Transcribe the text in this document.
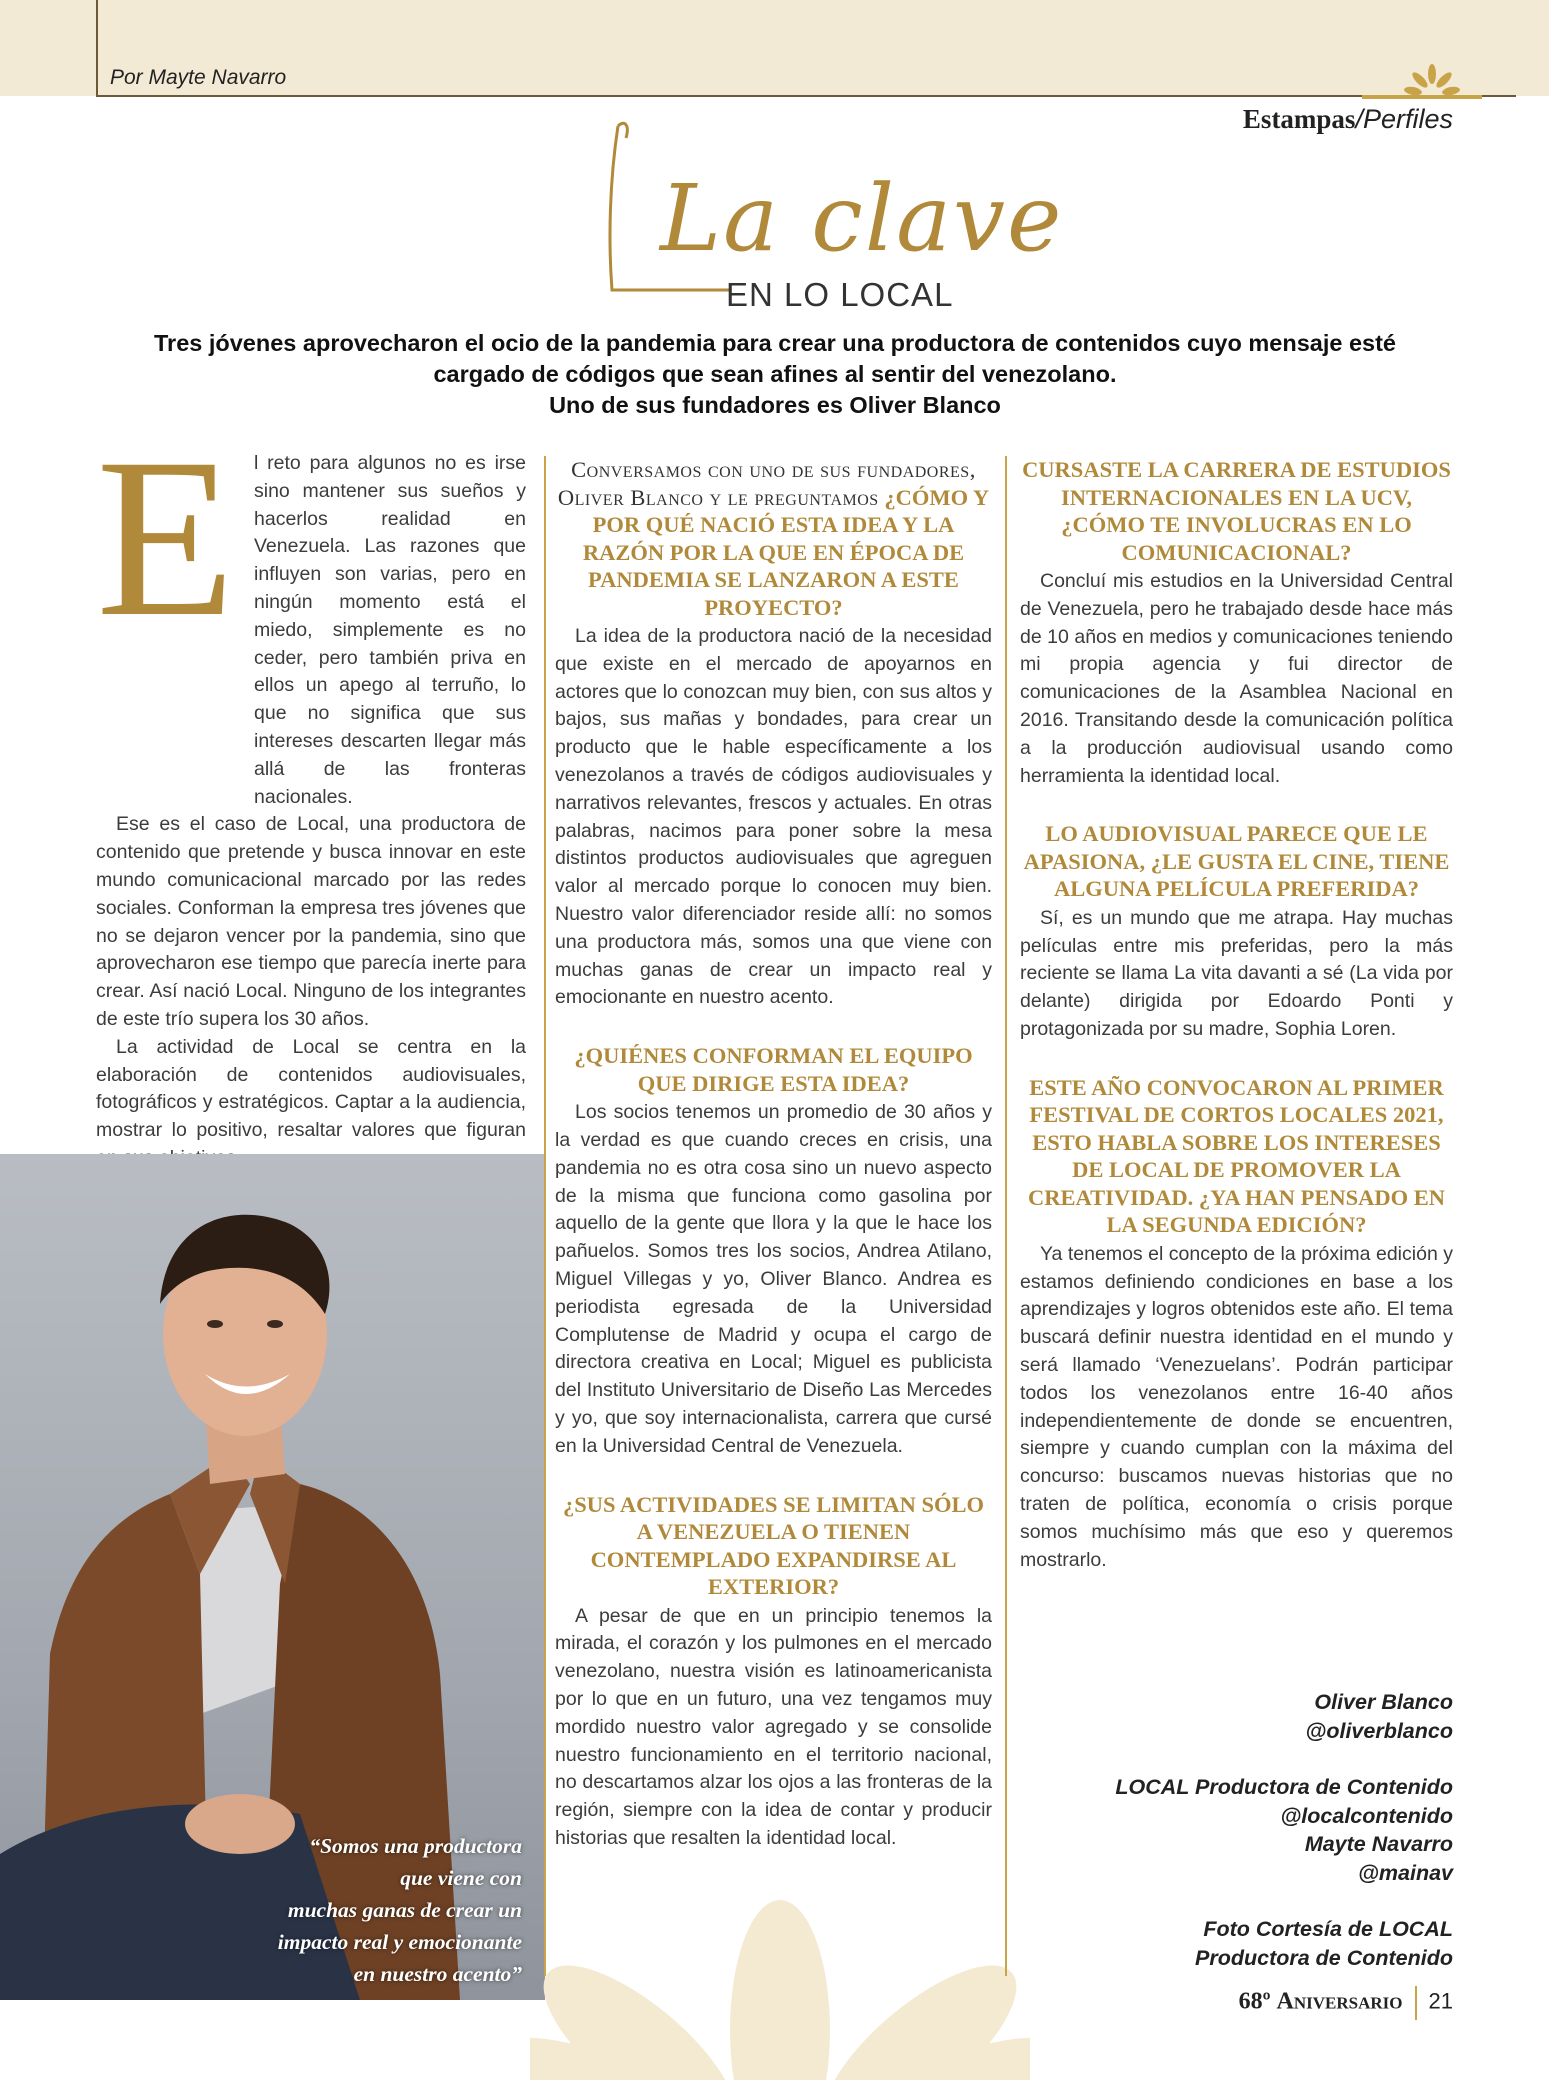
Por Mayte Navarro
Estampas/Perfiles
La clave
EN LO LOCAL
Tres jóvenes aprovecharon el ocio de la pandemia para crear una productora de contenidos cuyo mensaje esté
cargado de códigos que sean afines al sentir del venezolano.
Uno de sus fundadores es Oliver Blanco
E l reto para algunos no es irse sino mantener sus sueños y hacerlos realidad en Venezuela. Las razones que influyen son varias, pero en ningún momento está el miedo, simplemente es no ceder, pero también priva en ellos un apego al terruño, lo que no significa que sus intereses descarten llegar más allá de las fronteras nacionales.

Ese es el caso de Local, una productora de contenido que pretende y busca innovar en este mundo comunicacional marcado por las redes sociales. Conforman la empresa tres jóvenes que no se dejaron vencer por la pandemia, sino que aprovecharon ese tiempo que parecía inerte para crear. Así nació Local. Ninguno de los integrantes de este trío supera los 30 años.

La actividad de Local se centra en la elaboración de contenidos audiovisuales, fotográficos y estratégicos. Captar a la audiencia, mostrar lo positivo, resaltar valores que figuran

“Somos una productora
que viene con
muchas ganas de crear un
impacto real y emocionante
en nuestro acento”
Conversamos con uno de sus fundadores, Oliver Blanco y le preguntamos ¿CÓMO Y POR QUÉ NACIÓ ESTA IDEA Y LA RAZÓN POR LA QUE EN ÉPOCA DE PANDEMIA SE LANZARON A ESTE PROYECTO?

La idea de la productora nació de la necesidad que existe en el mercado de apoyarnos en actores que lo conozcan muy bien, con sus altos y bajos, sus mañas y bondades, para crear un producto que le hable específicamente a los venezolanos a través de códigos audiovisuales y narrativos relevantes, frescos y actuales. En otras palabras, nacimos para poner sobre la mesa distintos productos audiovisuales que agreguen valor al mercado porque lo conocen muy bien. Nuestro valor diferenciador reside allí: no somos una productora más, somos una que viene con muchas ganas de crear un impacto real y emocionante en nuestro acento.

¿QUIÉNES CONFORMAN EL EQUIPO QUE DIRIGE ESTA IDEA?

Los socios tenemos un promedio de 30 años y la verdad es que cuando creces en crisis, una pandemia no es otra cosa sino un nuevo aspecto de la misma que funciona como gasolina por aquello de la gente que llora y la que le hace los pañuelos. Somos tres los socios, Andrea Atilano, Miguel Villegas y yo, Oliver Blanco. Andrea es periodista egresada de la Universidad Complutense de Madrid y ocupa el cargo de directora creativa en Local; Miguel es publicista del Instituto Universitario de Diseño Las Mercedes y yo, que soy internacionalista, carrera que cursé en la Universidad Central de Venezuela.

¿SUS ACTIVIDADES SE LIMITAN SÓLO A VENEZUELA O TIENEN CONTEMPLADO EXPANDIRSE AL EXTERIOR?

A pesar de que en un principio tenemos la mirada, el corazón y los pulmones en el mercado venezolano, nuestra visión es latinoamericanista por lo que en un futuro, una vez tengamos muy mordido nuestro valor agregado y se consolide nuestro funcionamiento en el territorio nacional, no descartamos alzar los ojos a las fronteras de la región, siempre con la idea de contar y producir historias que resalten la identidad local.

CURSASTE LA CARRERA DE ESTUDIOS INTERNACIONALES EN LA UCV, ¿CÓMO TE INVOLUCRAS EN LO COMUNICACIONAL?

Concluí mis estudios en la Universidad Central de Venezuela, pero he trabajado desde hace más de 10 años en medios y comunicaciones teniendo mi propia agencia y fui director de comunicaciones de la Asamblea Nacional en 2016. Transitando desde la comunicación política a la producción audiovisual usando como herramienta la identidad local.

LO AUDIOVISUAL PARECE QUE LE APASIONA, ¿LE GUSTA EL CINE, TIENE ALGUNA PELÍCULA PREFERIDA?

Sí, es un mundo que me atrapa. Hay muchas películas entre mis preferidas, pero la más reciente se llama La vita davanti a sé (La vida por delante) dirigida por Edoardo Ponti y protagonizada por su madre, Sophia Loren.

ESTE AÑO CONVOCARON AL PRIMER FESTIVAL DE CORTOS LOCALES 2021, ESTO HABLA SOBRE LOS INTERESES DE LOCAL DE PROMOVER LA CREATIVIDAD. ¿YA HAN PENSADO EN LA SEGUNDA EDICIÓN?

Ya tenemos el concepto de la próxima edición y estamos definiendo condiciones en base a los aprendizajes y logros obtenidos este año. El tema buscará definir nuestra identidad en el mundo y será llamado ‘Venezuelans’. Podrán participar todos los venezolanos entre 16-40 años independientemente de donde se encuentren, siempre y cuando cumplan con la máxima del concurso: buscamos nuevas historias que no traten de política, economía o crisis porque somos muchísimo más que eso y queremos mostrarlo.

Oliver Blanco
@oliverblanco
LOCAL Productora de Contenido
@localcontenido
Mayte Navarro
@mainav
Foto Cortesía de LOCAL
Productora de Contenido
68º Aniversario 21
